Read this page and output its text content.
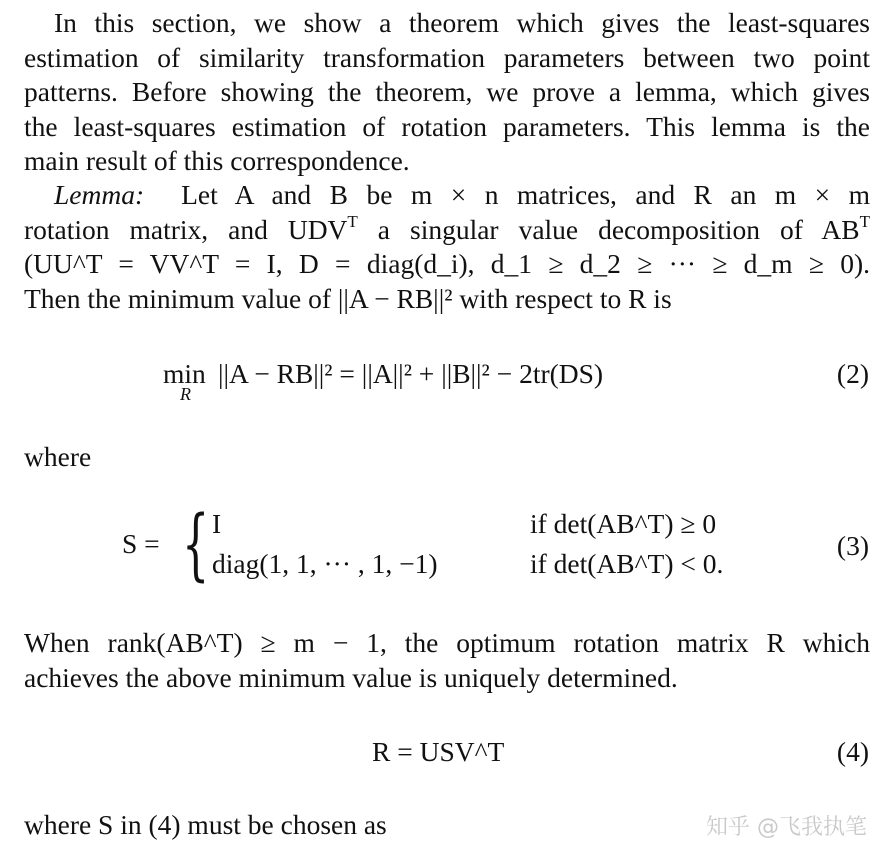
In this section, we show a theorem which gives the least-squares
estimation of similarity transformation parameters between two point
patterns. Before showing the theorem, we prove a lemma, which gives
the least-squares estimation of rotation parameters. This lemma is the
main result of this correspondence.
Lemma: Let A and B be m × n matrices, and R an m × m
rotation matrix, and $UDV^T$ a singular value decomposition of $AB^T$
(UU^T = VV^T = I, D = diag(d_i), d_1 ≥ d_2 ≥ ··· ≥ d_m ≥ 0).
Then the minimum value of ||A − RB||² with respect to R is
min
R
||A − RB||² = ||A||² + ||B||² − 2tr(DS)	(2)
where
S = { I	if det(AB^T) ≥ 0
diag(1, 1, ··· , 1, −1)	if det(AB^T) < 0.
(3)
When rank(AB^T) ≥ m − 1, the optimum rotation matrix R which
achieves the above minimum value is uniquely determined.
R = USV^T	(4)
where S in (4) must be chosen as	知乎 @飞我执笔
